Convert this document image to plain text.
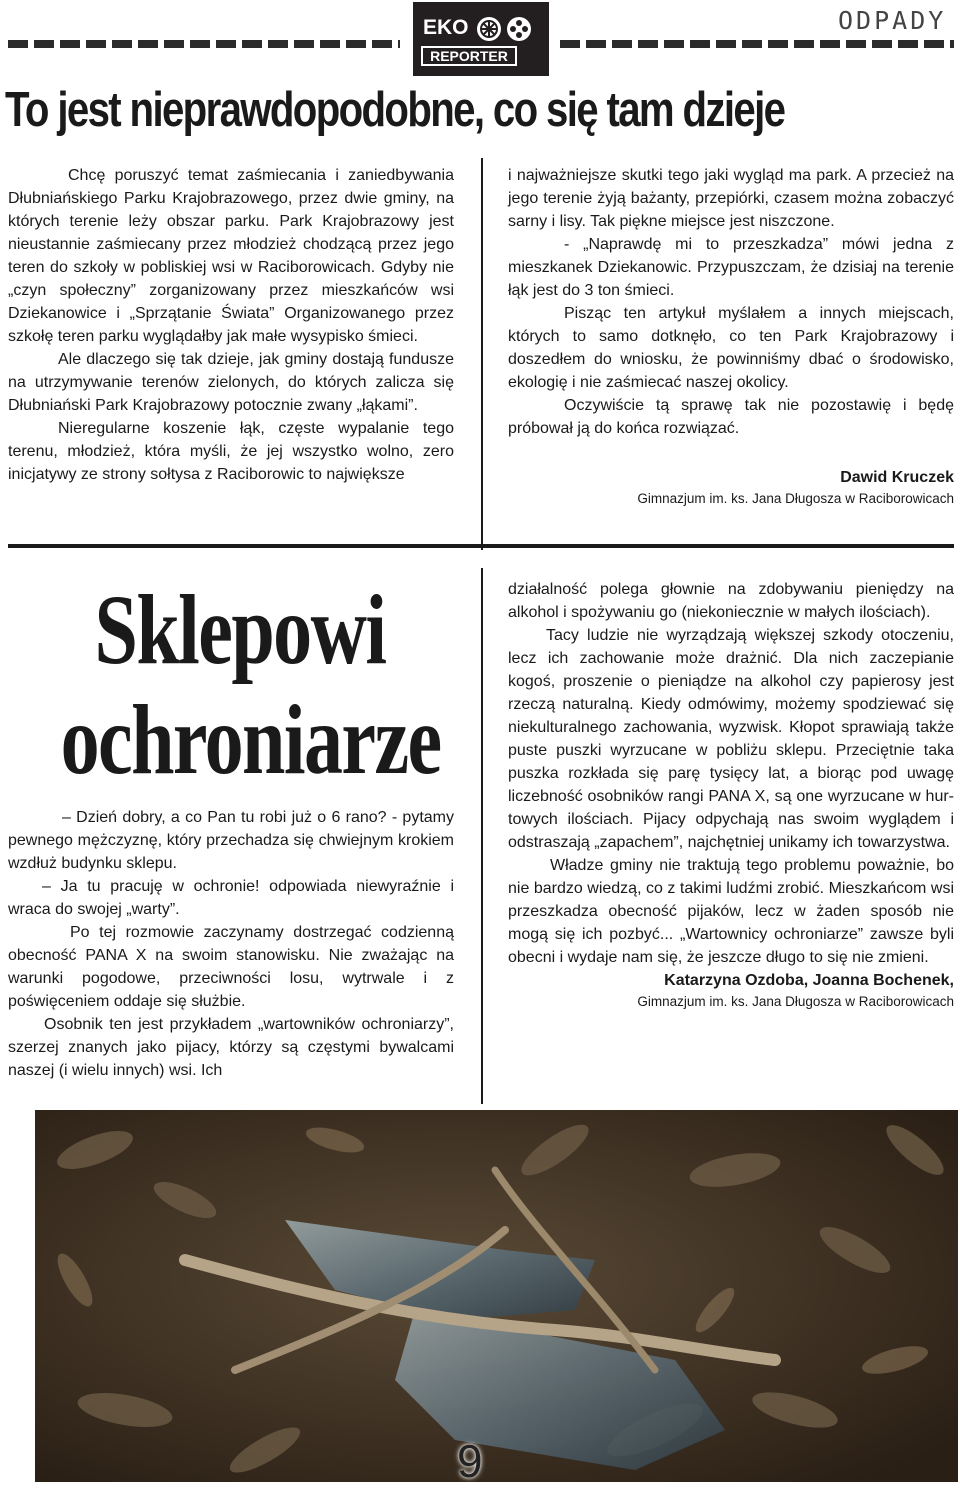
EKO
REPORTER
ODPADY
To jest nieprawdopodobne, co się tam dzieje

Chcę poruszyć temat zaśmiecania i zaniedbywania Dłubniańskiego Parku Krajobrazowego, przez dwie gminy, na których terenie leży obszar parku. Park Krajobrazowy jest nieustannie zaśmiecany przez młodzież chodzącą przez jego teren do szkoły w pobliskiej wsi w Raciborowicach. Gdyby nie „czyn społeczny” zorganizowany przez mieszkańców wsi Dziekanowice i „Sprzątanie Świata” Organizowanego przez szkołę teren parku wyglądałby jak małe wysypisko śmieci.

Ale dlaczego się tak dzieje, jak gminy dostają fundusze na utrzymywanie terenów zielonych, do których zalicza się Dłubniański Park Krajobrazowy potocznie zwany „łąkami”.

Nieregularne koszenie łąk, częste wypalanie tego terenu, młodzież, która myśli, że jej wszystko wolno, zero inicjatywy ze strony sołtysa z Raciborowic to największe

i najważniejsze skutki tego jaki wygląd ma park. A przecież na jego terenie żyją bażanty, przepiórki, czasem można zobaczyć sarny i lisy. Tak piękne miejsce jest niszczone.

- „Naprawdę mi to przeszkadza” mówi jedna z mieszkanek Dziekanowic. Przypuszczam, że dzisiaj na terenie łąk jest do 3 ton śmieci.

Pisząc ten artykuł myślałem a innych miejscach, których to samo dotknęło, co ten Park Krajobrazowy i doszedłem do wniosku, że powinniśmy dbać o środowisko, ekologię i nie zaśmiecać naszej okolicy.

Oczywiście tą sprawę tak nie pozostawię i będę próbował ją do końca rozwiązać.

Dawid Kruczek
Gimnazjum im. ks. Jana Długosza w Raciborowicach
Sklepowi
ochroniarze

– Dzień dobry, a co Pan tu robi już o 6 rano? - pytamy pewnego mężczyznę, który przechadza się chwiejnym krokiem wzdłuż budynku sklepu.

– Ja tu pracuję w ochronie! odpowiada niewyraźnie i wraca do swojej „warty”.

Po tej rozmowie zaczynamy dostrzegać codzienną obecność PANA X na swoim stanowisku. Nie zważając na warunki pogodowe, przeciwności losu, wytrwale i z poświęceniem oddaje się służbie.

Osobnik ten jest przykładem „wartowników ochroniarzy”, szerzej znanych jako pijacy, którzy są częstymi bywalcami naszej (i wielu innych) wsi. Ich

działalność polega głownie na zdobywaniu pieniędzy na alkohol i spożywaniu go (niekoniecznie w małych ilościach).

Tacy ludzie nie wyrządzają większej szkody otoczeniu, lecz ich zachowanie może drażnić. Dla nich zaczepianie kogoś, proszenie o pieniądze na alkohol czy papierosy jest rzeczą naturalną. Kiedy odmówimy, możemy spodziewać się niekulturalnego zachowania, wyzwisk. Kłopot sprawiają także puste puszki wyrzucane w pobliżu sklepu. Przeciętnie taka puszka rozkłada się parę tysięcy lat, a biorąc pod uwagę liczebność osobników rangi PANA X, są one wyrzucane w hur-towych ilościach. Pijacy odpychają nas swoim wyglądem i odstraszają „zapachem”, najchętniej unikamy ich towarzystwa.

Władze gminy nie traktują tego problemu poważnie, bo nie bardzo wiedzą, co z takimi ludźmi zrobić. Mieszkańcom wsi przeszkadza obecność pijaków, lecz w żaden sposób nie mogą się ich pozbyć... „Wartownicy ochroniarze” zawsze byli obecni i wydaje nam się, że jeszcze długo to się nie zmieni.

Katarzyna Ozdoba, Joanna Bochenek,
Gimnazjum im. ks. Jana Długosza w Raciborowicach
9
